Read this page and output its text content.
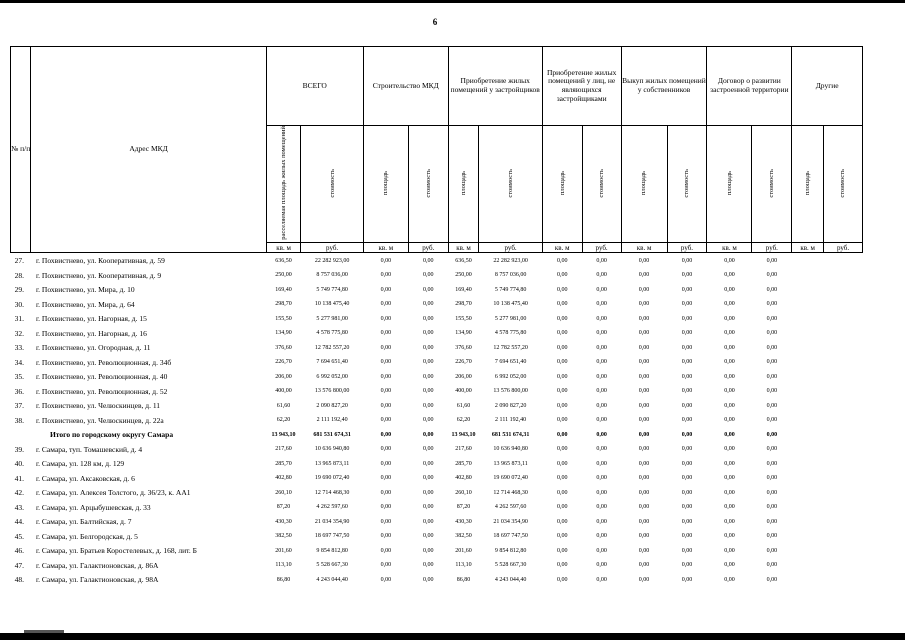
6
№ п/п	Адрес МКД	ВСЕГО		Строительство МКД		Приобретение жилых помещений у застройщиков		Приобретение жилых помещений у лиц, не являющихся застройщиками		Выкуп жилых помещений у собственников		Договор о развитии застроенной территории		Другие	
		расселяемая площадь жилых помещений	стоимость	площадь	стоимость	площадь	стоимость	площадь	стоимость	площадь	стоимость	площадь	стоимость	площадь	стоимость
		кв. м	руб.	кв. м	руб.	кв. м	руб.	кв. м	руб.	кв. м	руб.	кв. м	руб.	кв. м	руб.
27.	г. Похвистнево, ул. Кооперативная, д. 59	636,50	22 282 923,00	0,00	0,00	636,50	22 282 923,00	0,00	0,00	0,00	0,00	0,00	0,00		
28.	г. Похвистнево, ул. Кооперативная, д. 9	250,00	8 757 036,00	0,00	0,00	250,00	8 757 036,00	0,00	0,00	0,00	0,00	0,00	0,00		
29.	г. Похвистнево, ул. Мира, д. 10	169,40	5 749 774,80	0,00	0,00	169,40	5 749 774,80	0,00	0,00	0,00	0,00	0,00	0,00		
30.	г. Похвистнево, ул. Мира, д. 64	298,70	10 138 475,40	0,00	0,00	298,70	10 138 475,40	0,00	0,00	0,00	0,00	0,00	0,00		
31.	г. Похвистнево, ул. Нагорная, д. 15	155,50	5 277 981,00	0,00	0,00	155,50	5 277 981,00	0,00	0,00	0,00	0,00	0,00	0,00		
32.	г. Похвистнево, ул. Нагорная, д. 16	134,90	4 578 775,80	0,00	0,00	134,90	4 578 775,80	0,00	0,00	0,00	0,00	0,00	0,00		
33.	г. Похвистнево, ул. Огородная, д. 11	376,60	12 782 557,20	0,00	0,00	376,60	12 782 557,20	0,00	0,00	0,00	0,00	0,00	0,00		
34.	г. Похвистнево, ул. Революционная, д. 34б	226,70	7 694 651,40	0,00	0,00	226,70	7 694 651,40	0,00	0,00	0,00	0,00	0,00	0,00		
35.	г. Похвистнево, ул. Революционная, д. 40	206,00	6 992 052,00	0,00	0,00	206,00	6 992 052,00	0,00	0,00	0,00	0,00	0,00	0,00		
36.	г. Похвистнево, ул. Революционная, д. 52	400,00	13 576 800,00	0,00	0,00	400,00	13 576 800,00	0,00	0,00	0,00	0,00	0,00	0,00		
37.	г. Похвистнево, ул. Челюскинцев, д. 11	61,60	2 090 827,20	0,00	0,00	61,60	2 090 827,20	0,00	0,00	0,00	0,00	0,00	0,00		
38.	г. Похвистнево, ул. Челюскинцев, д. 22а	62,20	2 111 192,40	0,00	0,00	62,20	2 111 192,40	0,00	0,00	0,00	0,00	0,00	0,00		
	Итого по городскому округу Самара	13 943,10	681 531 674,31	0,00	0,00	13 943,10	681 531 674,31	0,00	0,00	0,00	0,00	0,00	0,00		
39.	г. Самара, туп. Томашевский, д. 4	217,60	10 636 940,80	0,00	0,00	217,60	10 636 940,80	0,00	0,00	0,00	0,00	0,00	0,00		
40.	г. Самара, ул. 128 км, д. 129	285,70	13 965 873,11	0,00	0,00	285,70	13 965 873,11	0,00	0,00	0,00	0,00	0,00	0,00		
41.	г. Самара, ул. Аксаковская, д. 6	402,80	19 690 072,40	0,00	0,00	402,80	19 690 072,40	0,00	0,00	0,00	0,00	0,00	0,00		
42.	г. Самара, ул. Алексея Толстого, д. 36/23, к. АА1	260,10	12 714 468,30	0,00	0,00	260,10	12 714 468,30	0,00	0,00	0,00	0,00	0,00	0,00		
43.	г. Самара, ул. Арцыбушевская, д. 33	87,20	4 262 597,60	0,00	0,00	87,20	4 262 597,60	0,00	0,00	0,00	0,00	0,00	0,00		
44.	г. Самара, ул. Балтийская, д. 7	430,30	21 034 354,90	0,00	0,00	430,30	21 034 354,90	0,00	0,00	0,00	0,00	0,00	0,00		
45.	г. Самара, ул. Белгородская, д. 5	382,50	18 697 747,50	0,00	0,00	382,50	18 697 747,50	0,00	0,00	0,00	0,00	0,00	0,00		
46.	г. Самара, ул. Братьев Коростелевых, д. 168, лит. Б	201,60	9 854 812,80	0,00	0,00	201,60	9 854 812,80	0,00	0,00	0,00	0,00	0,00	0,00		
47.	г. Самара, ул. Галактионовская, д. 86А	113,10	5 528 667,30	0,00	0,00	113,10	5 528 667,30	0,00	0,00	0,00	0,00	0,00	0,00		
48.	г. Самара, ул. Галактионовская, д. 98А	86,80	4 243 044,40	0,00	0,00	86,80	4 243 044,40	0,00	0,00	0,00	0,00	0,00	0,00		
